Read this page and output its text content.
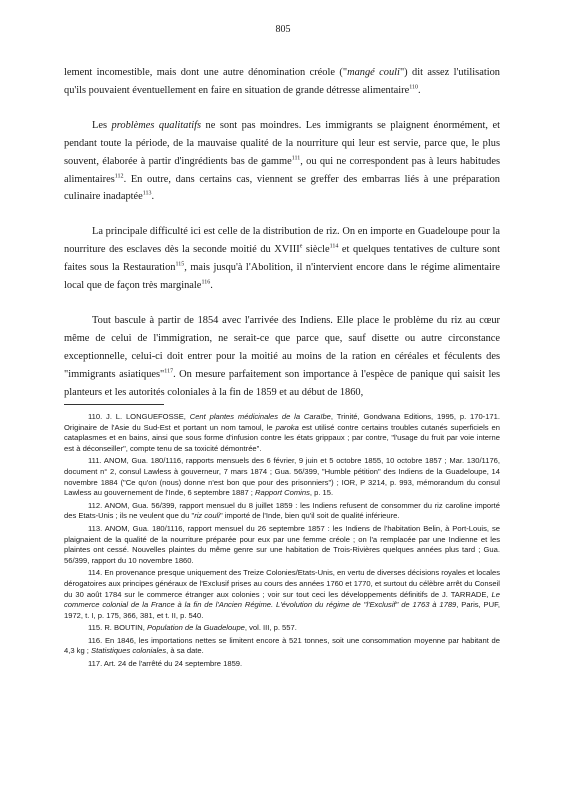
805

lement incomestible, mais dont une autre dénomination créole ("mangé couli") dit assez l'utilisation qu'ils pouvaient éventuellement en faire en situation de grande détresse alimentaire$^{110}$.

Les problèmes qualitatifs ne sont pas moindres. Les immigrants se plaignent énormément, et pendant toute la période, de la mauvaise qualité de la nourriture qui leur est servie, parce que, le plus souvent, élaborée à partir d'ingrédients bas de gamme$^{111}$, ou qui ne correspondent pas à leurs habitudes alimentaires$^{112}$. En outre, dans certains cas, viennent se greffer des embarras liés à une préparation culinaire inadaptée$^{113}$.

La principale difficulté ici est celle de la distribution de riz. On en importe en Guadeloupe pour la nourriture des esclaves dès la seconde moitié du XVIIIe siècle$^{114}$ et quelques tentatives de culture sont faites sous la Restauration$^{115}$, mais jusqu'à l'Abolition, il n'intervient encore dans le régime alimentaire local que de façon très marginale$^{116}$.

Tout bascule à partir de 1854 avec l'arrivée des Indiens. Elle place le problème du riz au cœur même de celui de l'immigration, ne serait-ce que parce que, sauf disette ou autre circonstance exceptionnelle, celui-ci doit entrer pour la moitié au moins de la ration en céréales et féculents des "immigrants asiatiques"$^{117}$. On mesure parfaitement son importance à l'espèce de panique qui saisit les planteurs et les autorités coloniales à la fin de 1859 et au début de 1860,

110. J. L. LONGUEFOSSE, Cent plantes médicinales de la Caraïbe, Trinité, Gondwana Editions, 1995, p. 170-171. Originaire de l'Asie du Sud-Est et portant un nom tamoul, le paroka est utilisé contre certains troubles cutanés superficiels en cataplasmes et en bains, ainsi que sous forme d'infusion contre les états grippaux ; par contre, "l'usage du fruit par voie interne est à déconseiller", compte tenu de sa toxicité démontrée".

111. ANOM, Gua. 180/1116, rapports mensuels des 6 février, 9 juin et 5 octobre 1855, 10 octobre 1857 ; Mar. 130/1176, document n° 2, consul Lawless à gouverneur, 7 mars 1874 ; Gua. 56/399, "Humble pétition" des Indiens de la Guadeloupe, 14 novembre 1884 ("Ce qu'on (nous) donne n'est bon que pour des prisonniers") ; IOR, P 3214, p. 993, mémorandum du consul Lawless au gouvernement de l'Inde, 6 septembre 1887 ; Rapport Comins, p. 15.

112. ANOM, Gua. 56/399, rapport mensuel du 8 juillet 1859 : les Indiens refusent de consommer du riz caroline importé des Etats-Unis ; ils ne veulent que du "riz couli" importé de l'Inde, bien qu'il soit de qualité inférieure.

113. ANOM, Gua. 180/1116, rapport mensuel du 26 septembre 1857 : les Indiens de l'habitation Belin, à Port-Louis, se plaignaient de la qualité de la nourriture préparée pour eux par une femme créole ; on l'a remplacée par une Indienne et les plaintes ont cessé. Nouvelles plaintes du même genre sur une habitation de Trois-Rivières quelques années plus tard ; Gua. 56/399, rapport du 10 novembre 1860.

114. En provenance presque uniquement des Treize Colonies/Etats-Unis, en vertu de diverses décisions royales et locales dérogatoires aux principes généraux de l'Exclusif prises au cours des années 1760 et 1770, et surtout du célèbre arrêt du Conseil du 30 août 1784 sur le commerce étranger aux colonies ; voir sur tout ceci les développements définitifs de J. TARRADE, Le commerce colonial de la France à la fin de l'Ancien Régime. L'évolution du régime de "l'Exclusif" de 1763 à 1789, Paris, PUF, 1972, t. I, p. 175, 366, 381, et t. II, p. 540.

115. R. BOUTIN, Population de la Guadeloupe, vol. III, p. 557.

116. En 1846, les importations nettes se limitent encore à 521 tonnes, soit une consommation moyenne par habitant de 4,3 kg ; Statistiques coloniales, à sa date.

117. Art. 24 de l'arrêté du 24 septembre 1859.
